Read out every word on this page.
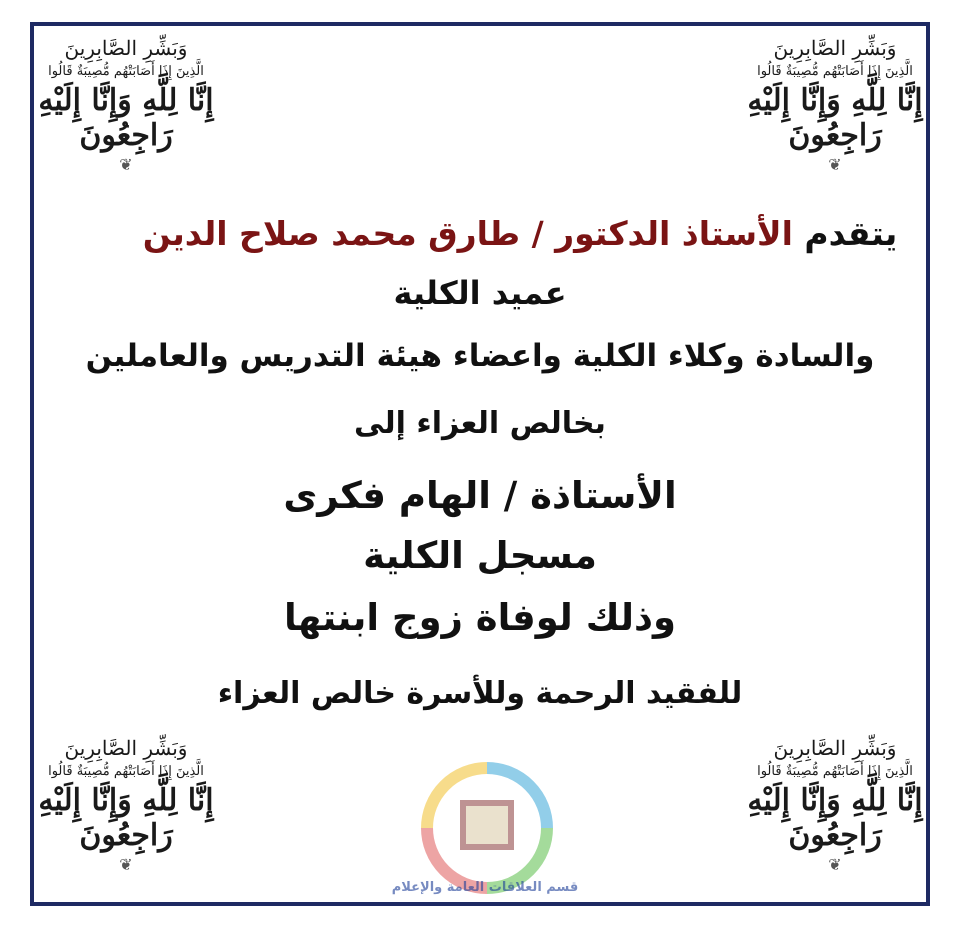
وَبَشِّرِ الصَّابِرِينَ
الَّذِينَ إِذَا أَصَابَتْهُم مُّصِيبَةٌ قَالُوا
إِنَّا لِلَّهِ وَإِنَّا إِلَيْهِ رَاجِعُونَ
❦
وَبَشِّرِ الصَّابِرِينَ
الَّذِينَ إِذَا أَصَابَتْهُم مُّصِيبَةٌ قَالُوا
إِنَّا لِلَّهِ وَإِنَّا إِلَيْهِ رَاجِعُونَ
❦
وَبَشِّرِ الصَّابِرِينَ
الَّذِينَ إِذَا أَصَابَتْهُم مُّصِيبَةٌ قَالُوا
إِنَّا لِلَّهِ وَإِنَّا إِلَيْهِ رَاجِعُونَ
❦
وَبَشِّرِ الصَّابِرِينَ
الَّذِينَ إِذَا أَصَابَتْهُم مُّصِيبَةٌ قَالُوا
إِنَّا لِلَّهِ وَإِنَّا إِلَيْهِ رَاجِعُونَ
❦
يتقدم الأستاذ الدكتور / طارق محمد صلاح الدين
عميد الكلية
والسادة وكلاء الكلية واعضاء هيئة التدريس والعاملين
بخالص العزاء إلى
الأستاذة / الهام فكرى
مسجل الكلية
وذلك لوفاة زوج ابنتها
للفقيد الرحمة وللأسرة خالص العزاء
قسم العلاقات العامة والإعلام
